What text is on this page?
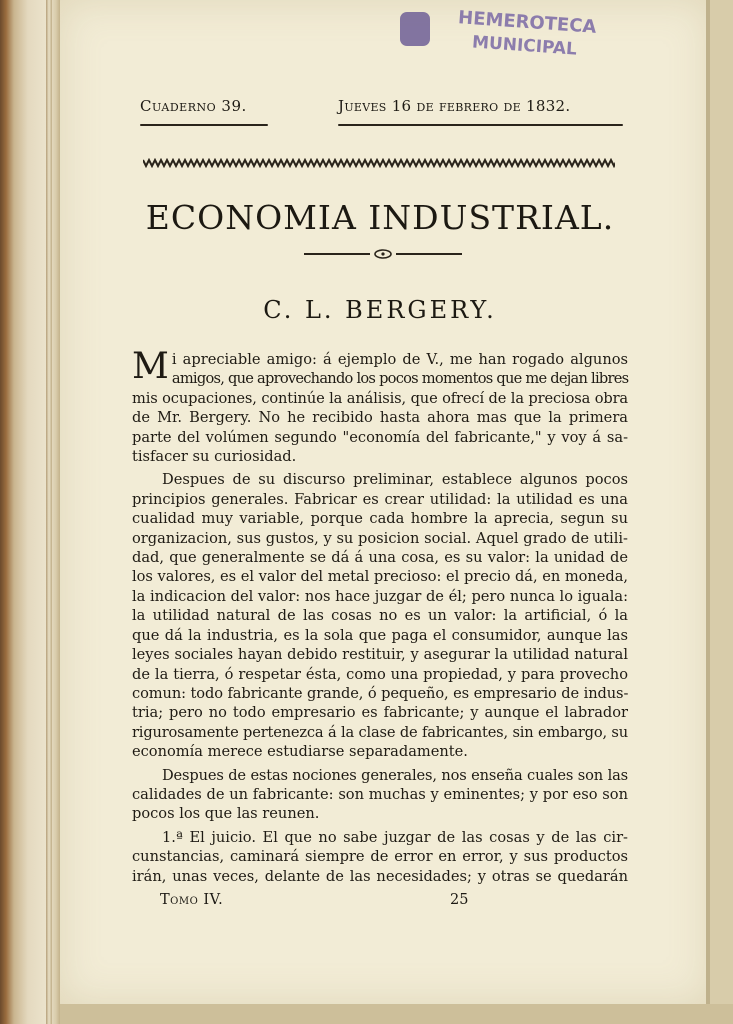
HEMEROTECA
MUNICIPAL
Cuaderno 39.	Jueves 16 de febrero de 1832.
ECONOMIA INDUSTRIAL.
C. L. BERGERY.

M i apreciable amigo: á ejemplo de V., me han rogado algunos
amigos, que aprovechando los pocos momentos que me dejan libres
mis ocupaciones, continúe la análisis, que ofrecí de la preciosa obra
de Mr. Bergery. No he recibido hasta ahora mas que la primera
parte del volúmen segundo "economía del fabricante," y voy á sa-
tisfacer su curiosidad.

Despues de su discurso preliminar, establece algunos pocos
principios generales. Fabricar es crear utilidad: la utilidad es una
cualidad muy variable, porque cada hombre la aprecia, segun su
organizacion, sus gustos, y su posicion social. Aquel grado de utili-
dad, que generalmente se dá á una cosa, es su valor: la unidad de
los valores, es el valor del metal precioso: el precio dá, en moneda,
la indicacion del valor: nos hace juzgar de él; pero nunca lo iguala:
la utilidad natural de las cosas no es un valor: la artificial, ó la
que dá la industria, es la sola que paga el consumidor, aunque las
leyes sociales hayan debido restituir, y asegurar la utilidad natural
de la tierra, ó respetar ésta, como una propiedad, y para provecho
comun: todo fabricante grande, ó pequeño, es empresario de indus-
tria; pero no todo empresario es fabricante; y aunque el labrador
rigurosamente pertenezca á la clase de fabricantes, sin embargo, su
economía merece estudiarse separadamente.

Despues de estas nociones generales, nos enseña cuales son las
calidades de un fabricante: son muchas y eminentes; y por eso son
pocos los que las reunen.

1.ª El juicio. El que no sabe juzgar de las cosas y de las cir-
cunstancias, caminará siempre de error en error, y sus productos
irán, unas veces, delante de las necesidades; y otras se quedarán

Tomo IV.	25
